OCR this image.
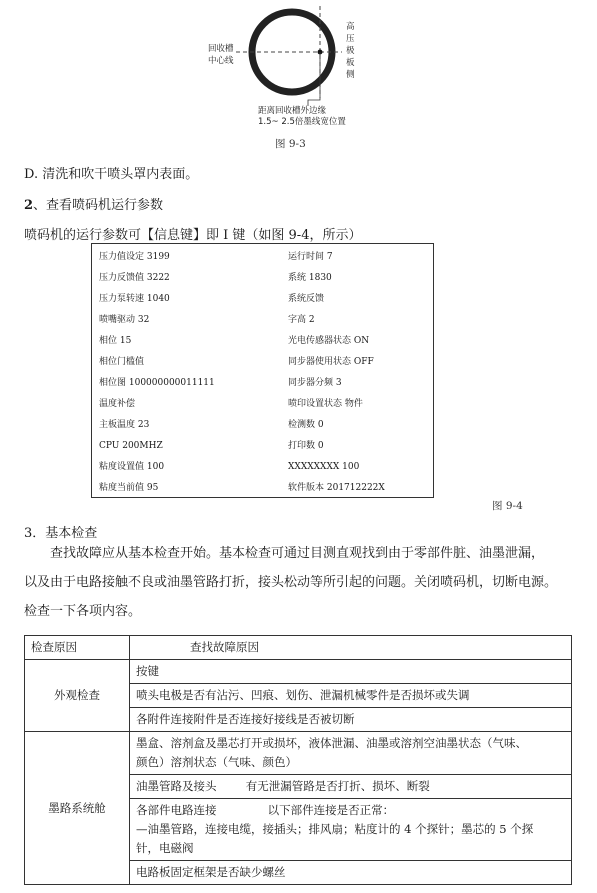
回收槽
中心线
高
压
极
板
侧
距离回收槽外边缘
1.5~ 2.5倍墨线宽位置
图 9-3
D. 清洗和吹干喷头罩内表面。
2、查看喷码机运行参数
喷码机的运行参数可【信息键】即 I 键（如图 9-4，所示）
压力值设定 3199	运行时间 7
压力反馈值 3222	系统 1830
压力泵转速 1040	系统反馈
喷嘴驱动 32	字高 2
相位 15	光电传感器状态 ON
相位门槛值	同步器使用状态 OFF
相位图 100000000011111	同步器分频 3
温度补偿	喷印设置状态 物件
主板温度 23	检测数 0
CPU 200MHZ	打印数 0
粘度设置值 100	XXXXXXXX 100
粘度当前值 95	软件版本 201712222X
图 9-4
3．基本检查
查找故障应从基本检查开始。基本检查可通过目测直观找到由于零部件脏、油墨泄漏，
以及由于电路接触不良或油墨管路打折，接头松动等所引起的问题。关闭喷码机，切断电源。
检查一下各项内容。
检查原因	查找故障原因
外观检查	按键
	喷头电极是否有沾污、凹痕、划伤、泄漏机械零件是否损坏或失调
	各附件连接附件是否连接好接线是否被切断
墨路系统舱	墨盒、溶剂盒及墨芯打开或损坏，液体泄漏、油墨或溶剂空油墨状态（气味、
颜色）溶剂状态（气味、颜色）

	油墨管路及接头        有无泄漏管路是否打折、损坏、断裂

	各部件电路连接              以下部件连接是否正常：
—油墨管路，连接电缆，接插头；排风扇；粘度计的 4 个探针；墨芯的 5 个探
针，电磁阀

	电路板固定框架是否缺少螺丝
